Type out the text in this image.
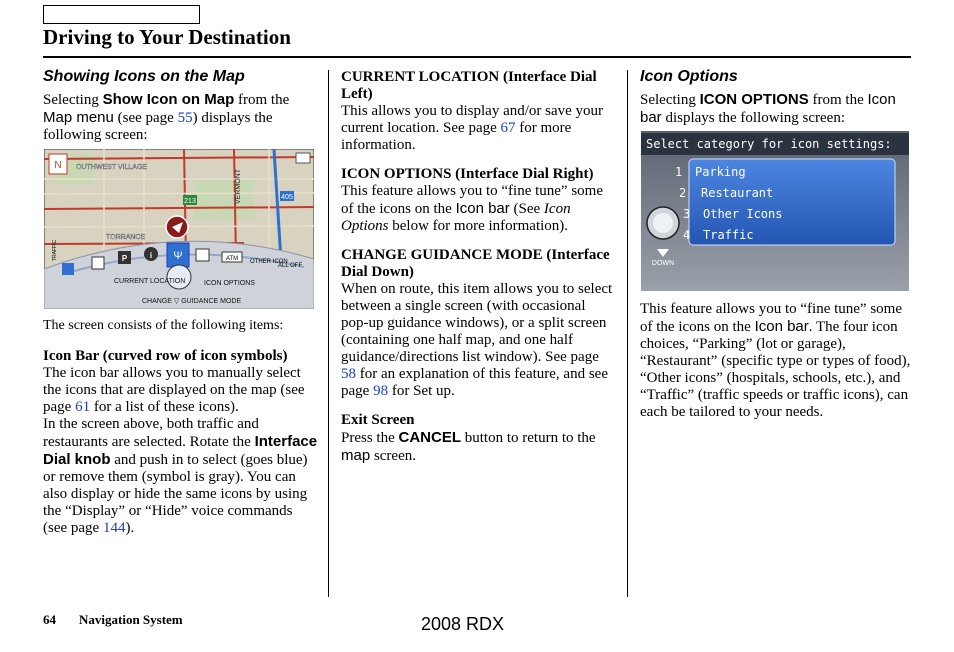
Driving to Your Destination
Showing Icons on the Map

Selecting Show Icon on Map from the Map menu (see page 55) displays the following screen:

N OUTHWEST VILLAGE
TORRANCE
VERMONT	405
213
P	i Ψ	ATM OTHER ICON
ALL OFF
TRAFFIC
CURRENT LOCATION	ICON OPTIONS
CHANGE ▽ GUIDANCE MODE

The screen consists of the following items:

Icon Bar (curved row of icon symbols)

The icon bar allows you to manually select the icons that are displayed on the map (see page 61 for a list of these icons).

In the screen above, both traffic and restaurants are selected. Rotate the Interface Dial knob and push in to select (goes blue) or remove them (symbol is gray). You can also display or hide the same icons by using the “Display” or “Hide” voice commands (see page 144).

CURRENT LOCATION (Interface Dial Left)

This allows you to display and/or save your current location. See page 67 for more information.

ICON OPTIONS (Interface Dial Right)

This feature allows you to “fine tune” some of the icons on the Icon bar (See Icon Options below for more information).

CHANGE GUIDANCE MODE (Interface Dial Down)

When on route, this item allows you to select between a single screen (with occasional pop-up guidance windows), or a split screen (containing one half map, and one half guidance/directions list window). See page 58 for an explanation of this feature, and see page 98 for Set up.

Exit Screen

Press the CANCEL button to return to the map screen.

Icon Options

Selecting ICON OPTIONS from the Icon bar displays the following screen:

Select category for icon settings:
1 Parking
2 Restaurant
3 Other Icons
4 Traffic
DOWN

This feature allows you to “fine tune” some of the icons on the Icon bar. The four icon choices, “Parking” (lot or garage), “Restaurant” (specific type or types of food), “Other icons” (hospitals, schools, etc.), and “Traffic” (traffic speeds or traffic icons), can each be tailored to your needs.

64 Navigation System	2008 RDX
